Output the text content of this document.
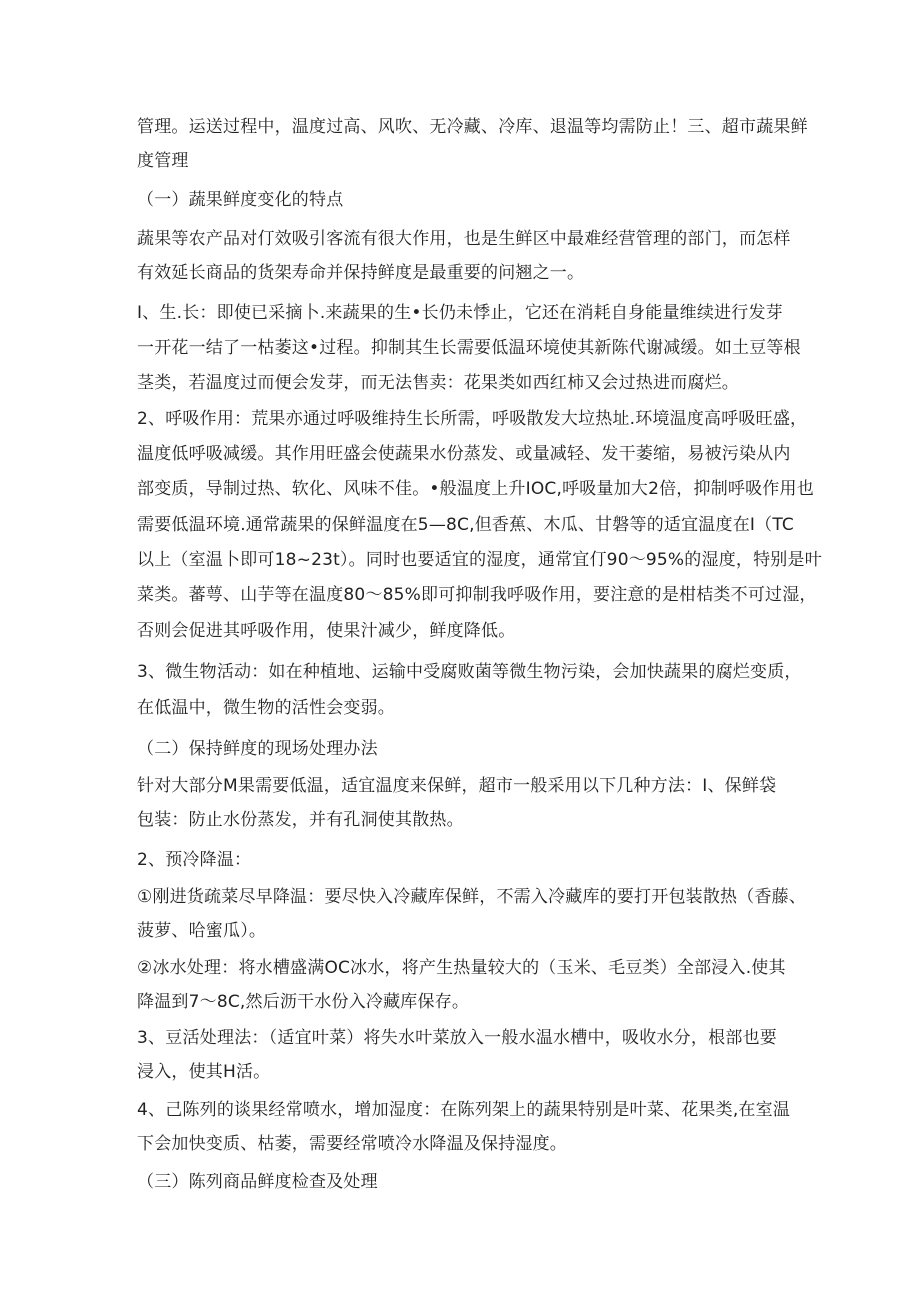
管理。运送过程中，温度过高、风吹、无冷藏、冷库、退温等均需防止！三、超市蔬果鲜

度管理

（一）蔬果鲜度变化的特点

蔬果等农产品对仃效吸引客流有很大作用，也是生鲜区中最难经营管理的部门，而怎样

有效延长商品的货架寿命并保持鲜度是最重要的问翘之一。

I、生.长：即使已采摘卜.来蔬果的生•长仍未悸止，它还在消耗自身能量维续进行发芽

一开花一结了一枯萎这•过程。抑制其生长需要低温环境使其新陈代谢减缓。如土豆等根

茎类，若温度过而便会发芽，而无法售卖：花果类如西红柿又会过热进而腐烂。

2、呼吸作用：荒果亦通过呼吸维持生长所需，呼吸散发大垃热址.环境温度高呼吸旺盛，

温度低呼吸减缓。其作用旺盛会使蔬果水份蒸发、或量减轻、发干萎缩，易被污染从内

部变质，导制过热、软化、风味不佳。•般温度上升IOC,呼吸量加大2倍，抑制呼吸作用也

需要低温环境.通常蔬果的保鲜温度在5—8C,但香蕉、木瓜、甘磐等的适宜温度在I（TC

以上（室温卜即可18~23t）。同时也要适宜的湿度，通常宜仃90〜95%的湿度，特别是叶

菜类。蕃萼、山芋等在温度80〜85%即可抑制我呼吸作用，要注意的是柑桔类不可过湿，

否则会促进其呼吸作用，使果汁减少，鲜度降低。

3、微生物活动：如在种植地、运输中受腐败菌等微生物污染，会加快蔬果的腐烂变质，

在低温中，微生物的活性会变弱。

（二）保持鲜度的现场处理办法

针对大部分M果需要低温，适宜温度来保鲜，超市一般采用以下几种方法：I、保鲜袋

包装：防止水份蒸发，并有孔洞使其散热。

2、预冷降温：

①刚进货疏菜尽早降温：要尽快入冷藏库保鲜，不需入冷藏库的要打开包装散热（香藤、

菠萝、哈蜜瓜）。

②冰水处理：将水槽盛满OC冰水，将产生热量较大的（玉米、毛豆类）全部浸入.使其

降温到7〜8C,然后沥干水份入冷藏库保存。

3、豆活处理法：（适宜叶菜）将失水叶菜放入一般水温水槽中，吸收水分，根部也要

浸入，使其H活。

4、己陈列的谈果经常喷水，增加湿度：在陈列架上的蔬果特别是叶菜、花果类,在室温

下会加快变质、枯萎，需要经常喷冷水降温及保持湿度。

（三）陈列商品鲜度检查及处理
